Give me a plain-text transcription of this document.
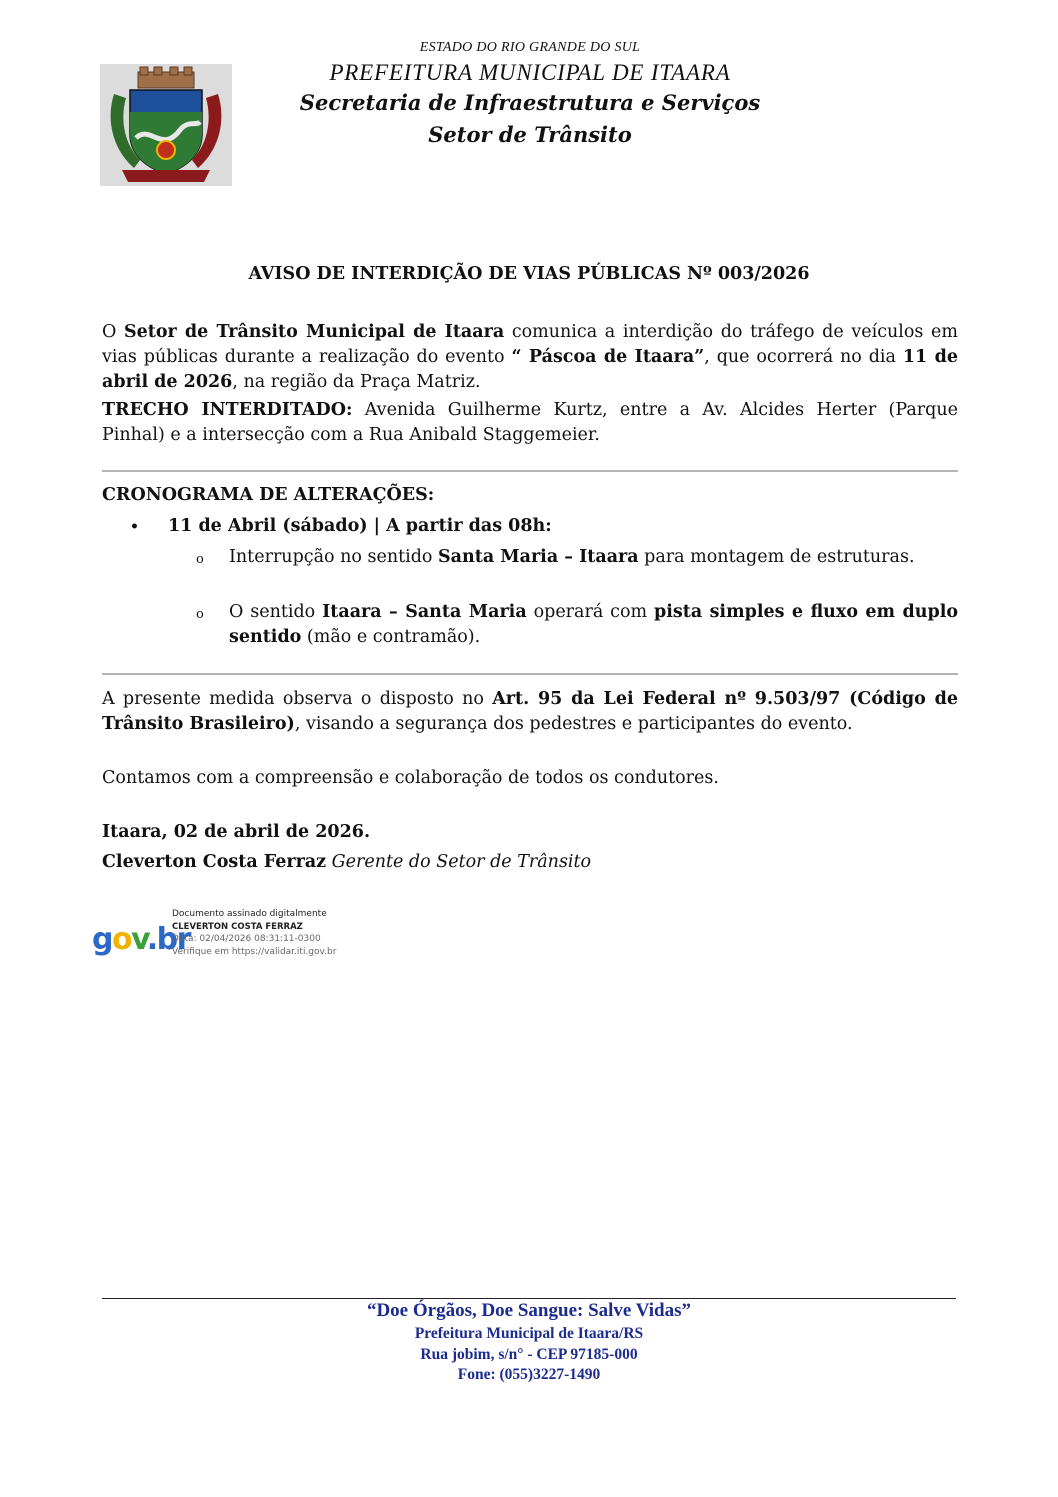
ESTADO DO RIO GRANDE DO SUL
PREFEITURA MUNICIPAL DE ITAARA
Secretaria de Infraestrutura e Serviços
Setor de Trânsito
AVISO DE INTERDIÇÃO DE VIAS PÚBLICAS Nº 003/2026
O Setor de Trânsito Municipal de Itaara comunica a interdição do tráfego de veículos em vias públicas durante a realização do evento “ Páscoa de Itaara”, que ocorrerá no dia 11 de abril de 2026, na região da Praça Matriz.
TRECHO INTERDITADO: Avenida Guilherme Kurtz, entre a Av. Alcides Herter (Parque Pinhal) e a intersecção com a Rua Anibald Staggemeier.
CRONOGRAMA DE ALTERAÇÕES:
• 11 de Abril (sábado) | A partir das 08h:
o Interrupção no sentido Santa Maria – Itaara para montagem de estruturas.
o O sentido Itaara – Santa Maria operará com pista simples e fluxo em duplo sentido (mão e contramão).
A presente medida observa o disposto no Art. 95 da Lei Federal nº 9.503/97 (Código de Trânsito Brasileiro), visando a segurança dos pedestres e participantes do evento.
Contamos com a compreensão e colaboração de todos os condutores.
Itaara, 02 de abril de 2026.
Cleverton Costa Ferraz Gerente do Setor de Trânsito
gov.br
Documento assinado digitalmente
CLEVERTON COSTA FERRAZ
Data: 02/04/2026 08:31:11-0300
Verifique em https://validar.iti.gov.br
“Doe Órgãos, Doe Sangue: Salve Vidas”
Prefeitura Municipal de Itaara/RS
Rua jobim, s/n° - CEP 97185-000
Fone: (055)3227-1490
